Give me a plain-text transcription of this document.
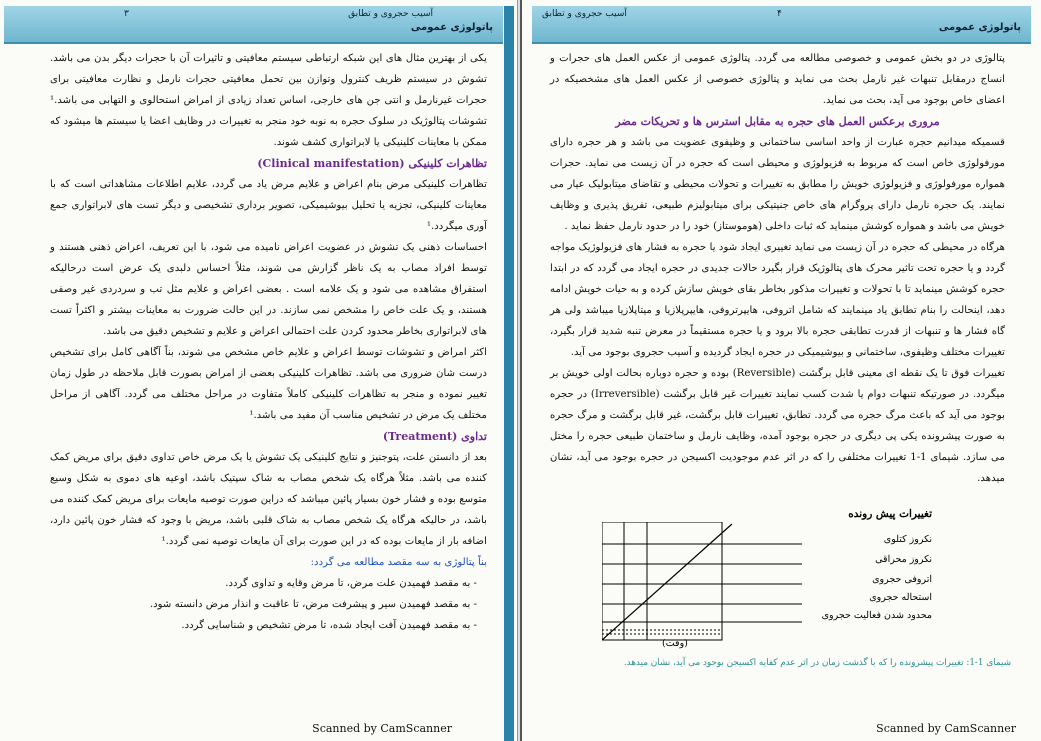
پاتولوژی عمومی
آسیب حجروی و تطابق
۳

یکی از بهترین مثال های این شبکه ارتباطی سیستم معافیتی و تاثیرات آن با حجرات دیگر بدن می باشد. تشوش در سیستم ظریف کنترول وتوازن بین تحمل معافیتی حجرات نارمل و نظارت معافیتی برای حجرات غیرنارمل و انتی جن های خارجی، اساس تعداد زیادی از امراض استحالوی و التهابی می باشد.¹ تشوشات پتالوژیک در سلوک حجره به نوبه خود منجر به تغییرات در وظایف اعضا یا سیستم ها میشود که ممکن با معاینات کلینیکی یا لابراتواری کشف شوند.

تظاهرات کلینیکی (Clinical manifestation)

تظاهرات کلینیکی مرض بنام اعراض و علایم مرض یاد می گردد، علایم اطلاعات مشاهداتی است که با معاینات کلینیکی، تجزیه یا تحلیل بیوشیمیکی، تصویر برداری تشخیصی و دیگر تست های لابراتواری جمع آوری میگردد.¹

احساسات ذهنی یک تشوش در عضویت اعراض نامیده می شود، با این تعریف، اعراض ذهنی هستند و توسط افراد مصاب به یک ناظر گزارش می شوند، مثلاً احساس دلبدی یک عرض است درحالیکه استفراق مشاهده می شود و یک علامه است . بعضی اعراض و علایم مثل تب و سردردی غیر وصفی هستند، و یک علت خاص را مشخص نمی سازند. در این حالت ضرورت به معاینات بیشتر و اکثراً تست های لابراتواری بخاطر محدود کردن علت احتمالی اعراض و علایم و تشخیص دقیق می باشد.

اکثر امراض و تشوشات توسط اعراض و علایم خاص مشخص می شوند، بناً آگاهی کامل برای تشخیص درست شان ضروری می باشد. تظاهرات کلینیکی بعضی از امراض بصورت قابل ملاحظه در طول زمان تغییر نموده و منجر به تظاهرات کلینیکی کاملاً متفاوت در مراحل مختلف می گردد. آگاهی از مراحل مختلف یک مرض در تشخیص مناسب آن مفید می باشد.¹

تداوی (Treatment)

بعد از دانستن علت، پتوجنیز و نتایج کلینیکی یک تشوش یا یک مرض خاص تداوی دقیق برای مریض کمک کننده می باشد. مثلاً هرگاه یک شخص مصاب به شاک سپتیک باشد، اوعیه های دموی به شکل وسیع متوسع بوده و فشار خون بسیار پائین میباشد که دراین صورت توصیه مایعات برای مریض کمک کننده می باشد، در حالیکه هرگاه یک شخص مصاب به شاک قلبی باشد، مریض با وجود که فشار خون پائین دارد، اضافه بار از مایعات بوده که در این صورت برای آن مایعات توصیه نمی گردد.¹

بناً پتالوژی به سه مقصد مطالعه می گردد:

- به مقصد فهمیدن علت مرض، تا مرض وقایه و تداوی گردد.

- به مقصد فهمیدن سیر و پیشرفت مرض، تا عاقبت و انذار مرض دانسته شود.

- به مقصد فهمیدن آفت ایجاد شده، تا مرض تشخیص و شناسایی گردد.

Scanned by CamScanner
پاتولوژی عمومی
آسیب حجروی و تطابق	۴

پتالوژی در دو بخش عمومی و خصوصی مطالعه می گردد. پتالوژی عمومی از عکس العمل های حجرات و انساج درمقابل تنبهات غیر نارمل بحث می نماید و پتالوژی خصوصی از عکس العمل های مشخصیکه در اعضای خاص بوجود می آید، بحث می نماید.

مروری برعکس العمل های حجره به مقابل استرس ها و تحریکات مضر

قسمیکه میدانیم حجره عبارت از واحد اساسی ساختمانی و وظیفوی عضویت می باشد و هر حجره دارای مورفولوژی خاص است که مربوط به فزیولوژی و محیطی است که حجره در آن زیست می نماید. حجرات همواره مورفولوژی و فزیولوژی خویش را مطابق به تغییرات و تحولات محیطی و تقاضای میتابولیک عیار می نمایند. یک حجره نارمل دارای پروگرام های خاص جنیتیکی برای میتابولیزم طبیعی، تفریق پذیری و وظایف خویش می باشد و همواره کوشش مینماید که ثبات داخلی (هوموستاز) خود را در حدود نارمل حفظ نماید .

هرگاه در محیطی که حجره در آن زیست می نماید تغییری ایجاد شود یا حجره به فشار های فزیولوژیک مواجه گردد و یا حجره تحت تاثیر محرک های پتالوژیک قرار بگیرد حالات جدیدی در حجره ایجاد می گردد که در ابتدا حجره کوشش مینماید تا با تحولات و تغییرات مذکور بخاطر بقای خویش سازش کرده و به حیات خویش ادامه دهد، اینحالت را بنام تطابق یاد مینمایند که شامل اتروفی، هایپرتروفی، هایپرپلازیا و میتاپلازیا میباشد ولی هر گاه فشار ها و تنبهات از قدرت تطابقی حجره بالا برود و یا حجره مستقیماً در معرض تنبه شدید قرار بگیرد، تغییرات مختلف وظیفوی، ساختمانی و بیوشیمیکی در حجره ایجاد گردیده و آسیب حجروی بوجود می آید.

تغییرات فوق تا یک نقطه ای معینی قابل برگشت (Reversible) بوده و حجره دوباره بحالت اولی خویش بر میگردد. در صورتیکه تنبهات دوام یا شدت کسب نمایند تغییرات غیر قابل برگشت (Irreversible) در حجره بوجود می آید که باعث مرگ حجره می گردد. تطابق، تغییرات قابل برگشت، غیر قابل برگشت و مرگ حجره به صورت پیشرونده یکی پی دیگری در حجره بوجود آمده، وظایف نارمل و ساختمان طبیعی حجره را مختل می سازد. شیمای 1-1 تغییرات مختلفی را که در اثر عدم موجودیت اکسیجن در حجره بوجود می آید، نشان میدهد.

تغییرات پیش رونده
نکروز کتلوی
نکروز محراقی
اتروفی حجروی
استحاله حجروی
محدود شدن فعالیت حجروی
(وقت)
شیمای 1-1: تغییرات پیشرونده را که با گذشت زمان در اثر عدم کفایه اکسیجن بوجود می آید، نشان میدهد.
Scanned by CamScanner
